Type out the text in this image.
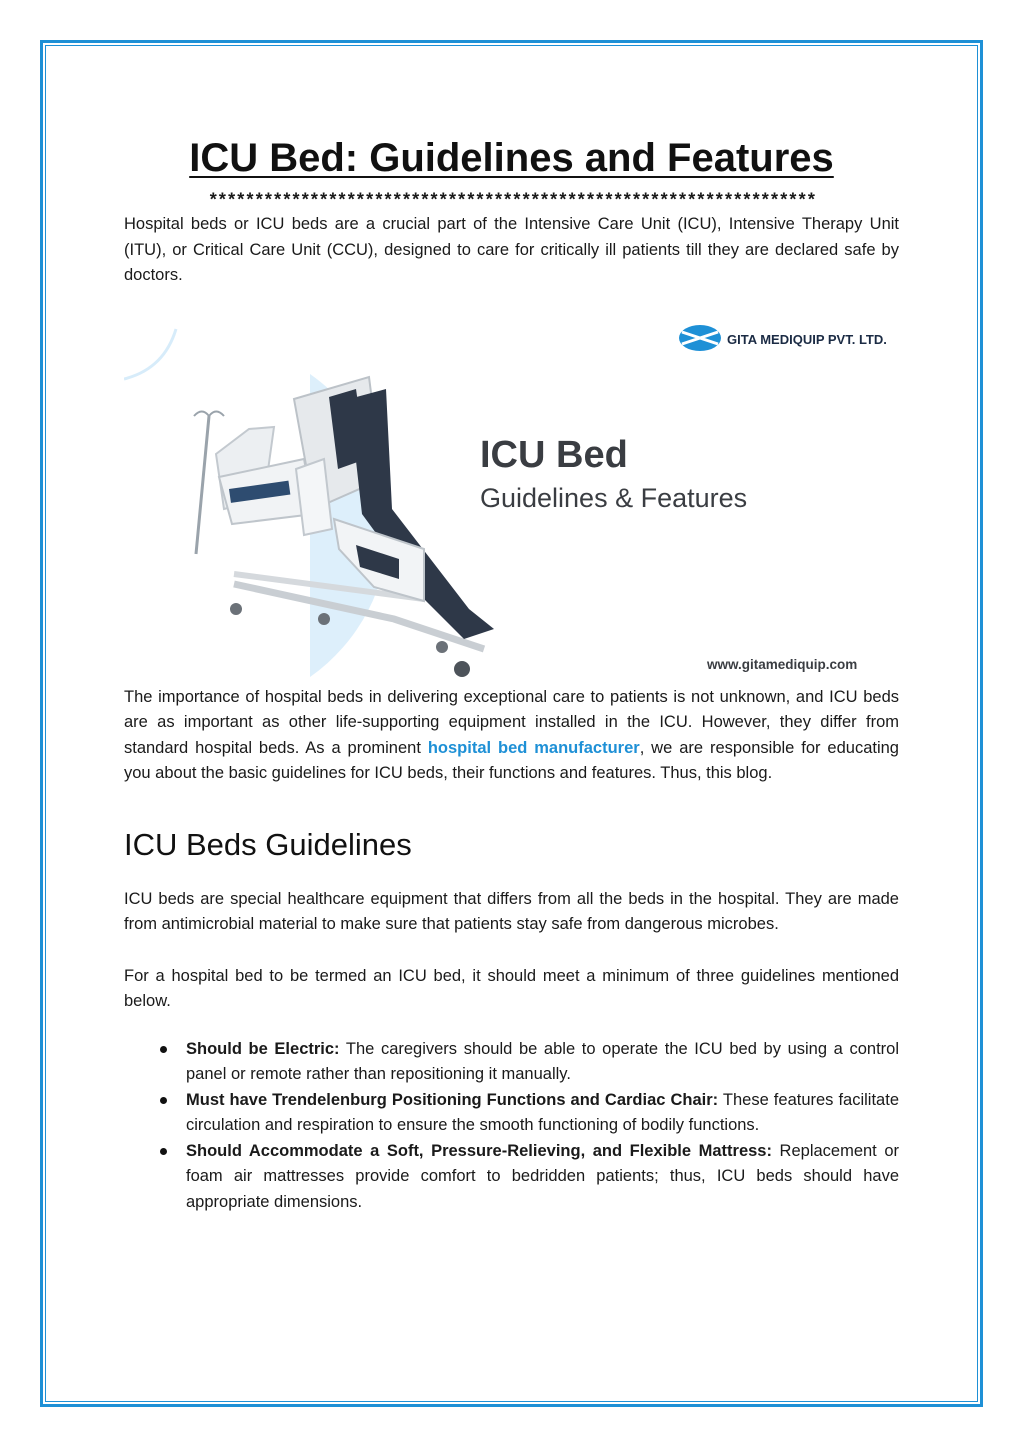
ICU Bed: Guidelines and Features
******************************************************************

Hospital beds or ICU beds are a crucial part of the Intensive Care Unit (ICU), Intensive Therapy Unit (ITU), or Critical Care Unit (CCU), designed to care for critically ill patients till they are declared safe by doctors.

GITA MEDIQUIP PVT. LTD.
ICU Bed
Guidelines & Features
www.gitamediquip.com

The importance of hospital beds in delivering exceptional care to patients is not unknown, and ICU beds are as important as other life-supporting equipment installed in the ICU. However, they differ from standard hospital beds. As a prominent hospital bed manufacturer, we are responsible for educating you about the basic guidelines for ICU beds, their functions and features. Thus, this blog.

ICU Beds Guidelines

ICU beds are special healthcare equipment that differs from all the beds in the hospital. They are made from antimicrobial material to make sure that patients stay safe from dangerous microbes.

For a hospital bed to be termed an ICU bed, it should meet a minimum of three guidelines mentioned below.

Should be Electric: The caregivers should be able to operate the ICU bed by using a control panel or remote rather than repositioning it manually.
Must have Trendelenburg Positioning Functions and Cardiac Chair: These features facilitate circulation and respiration to ensure the smooth functioning of bodily functions.
Should Accommodate a Soft, Pressure-Relieving, and Flexible Mattress: Replacement or foam air mattresses provide comfort to bedridden patients; thus, ICU beds should have appropriate dimensions.
